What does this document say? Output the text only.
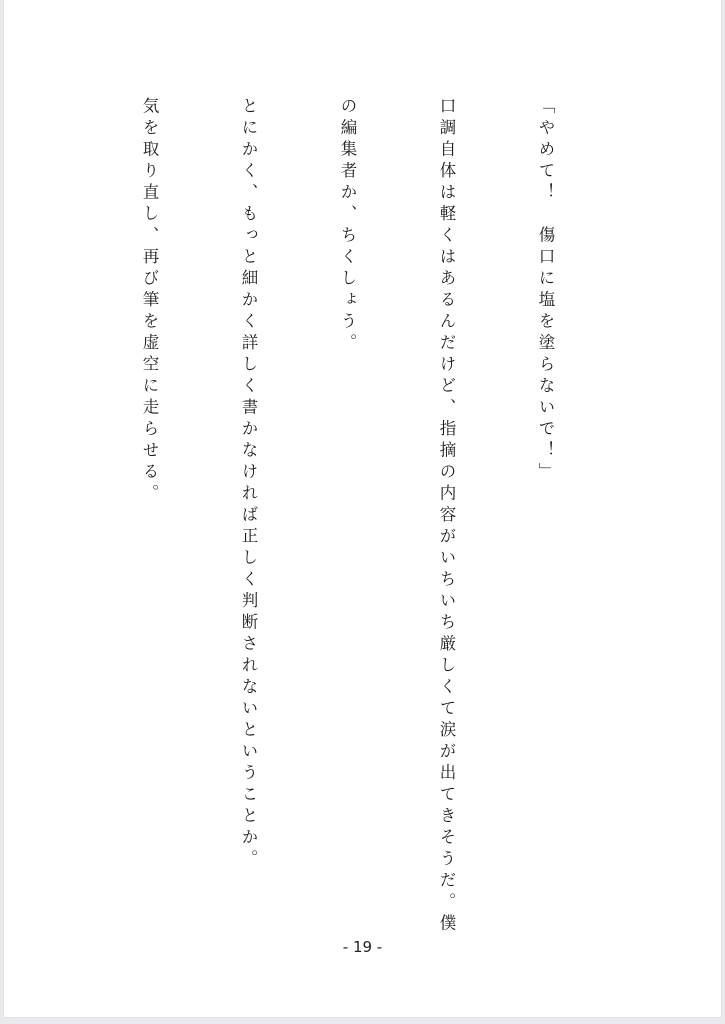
「やめて！　傷口に塩を塗らないで！」

口調自体は軽くはあるんだけど、指摘の内容がいちいち厳しくて涙が出てきそうだ。僕

の編集者か、ちくしょう。

とにかく、もっと細かく詳しく書かなければ正しく判断されないということか。

気を取り直し、再び筆を虚空に走らせる。

- 19 -
